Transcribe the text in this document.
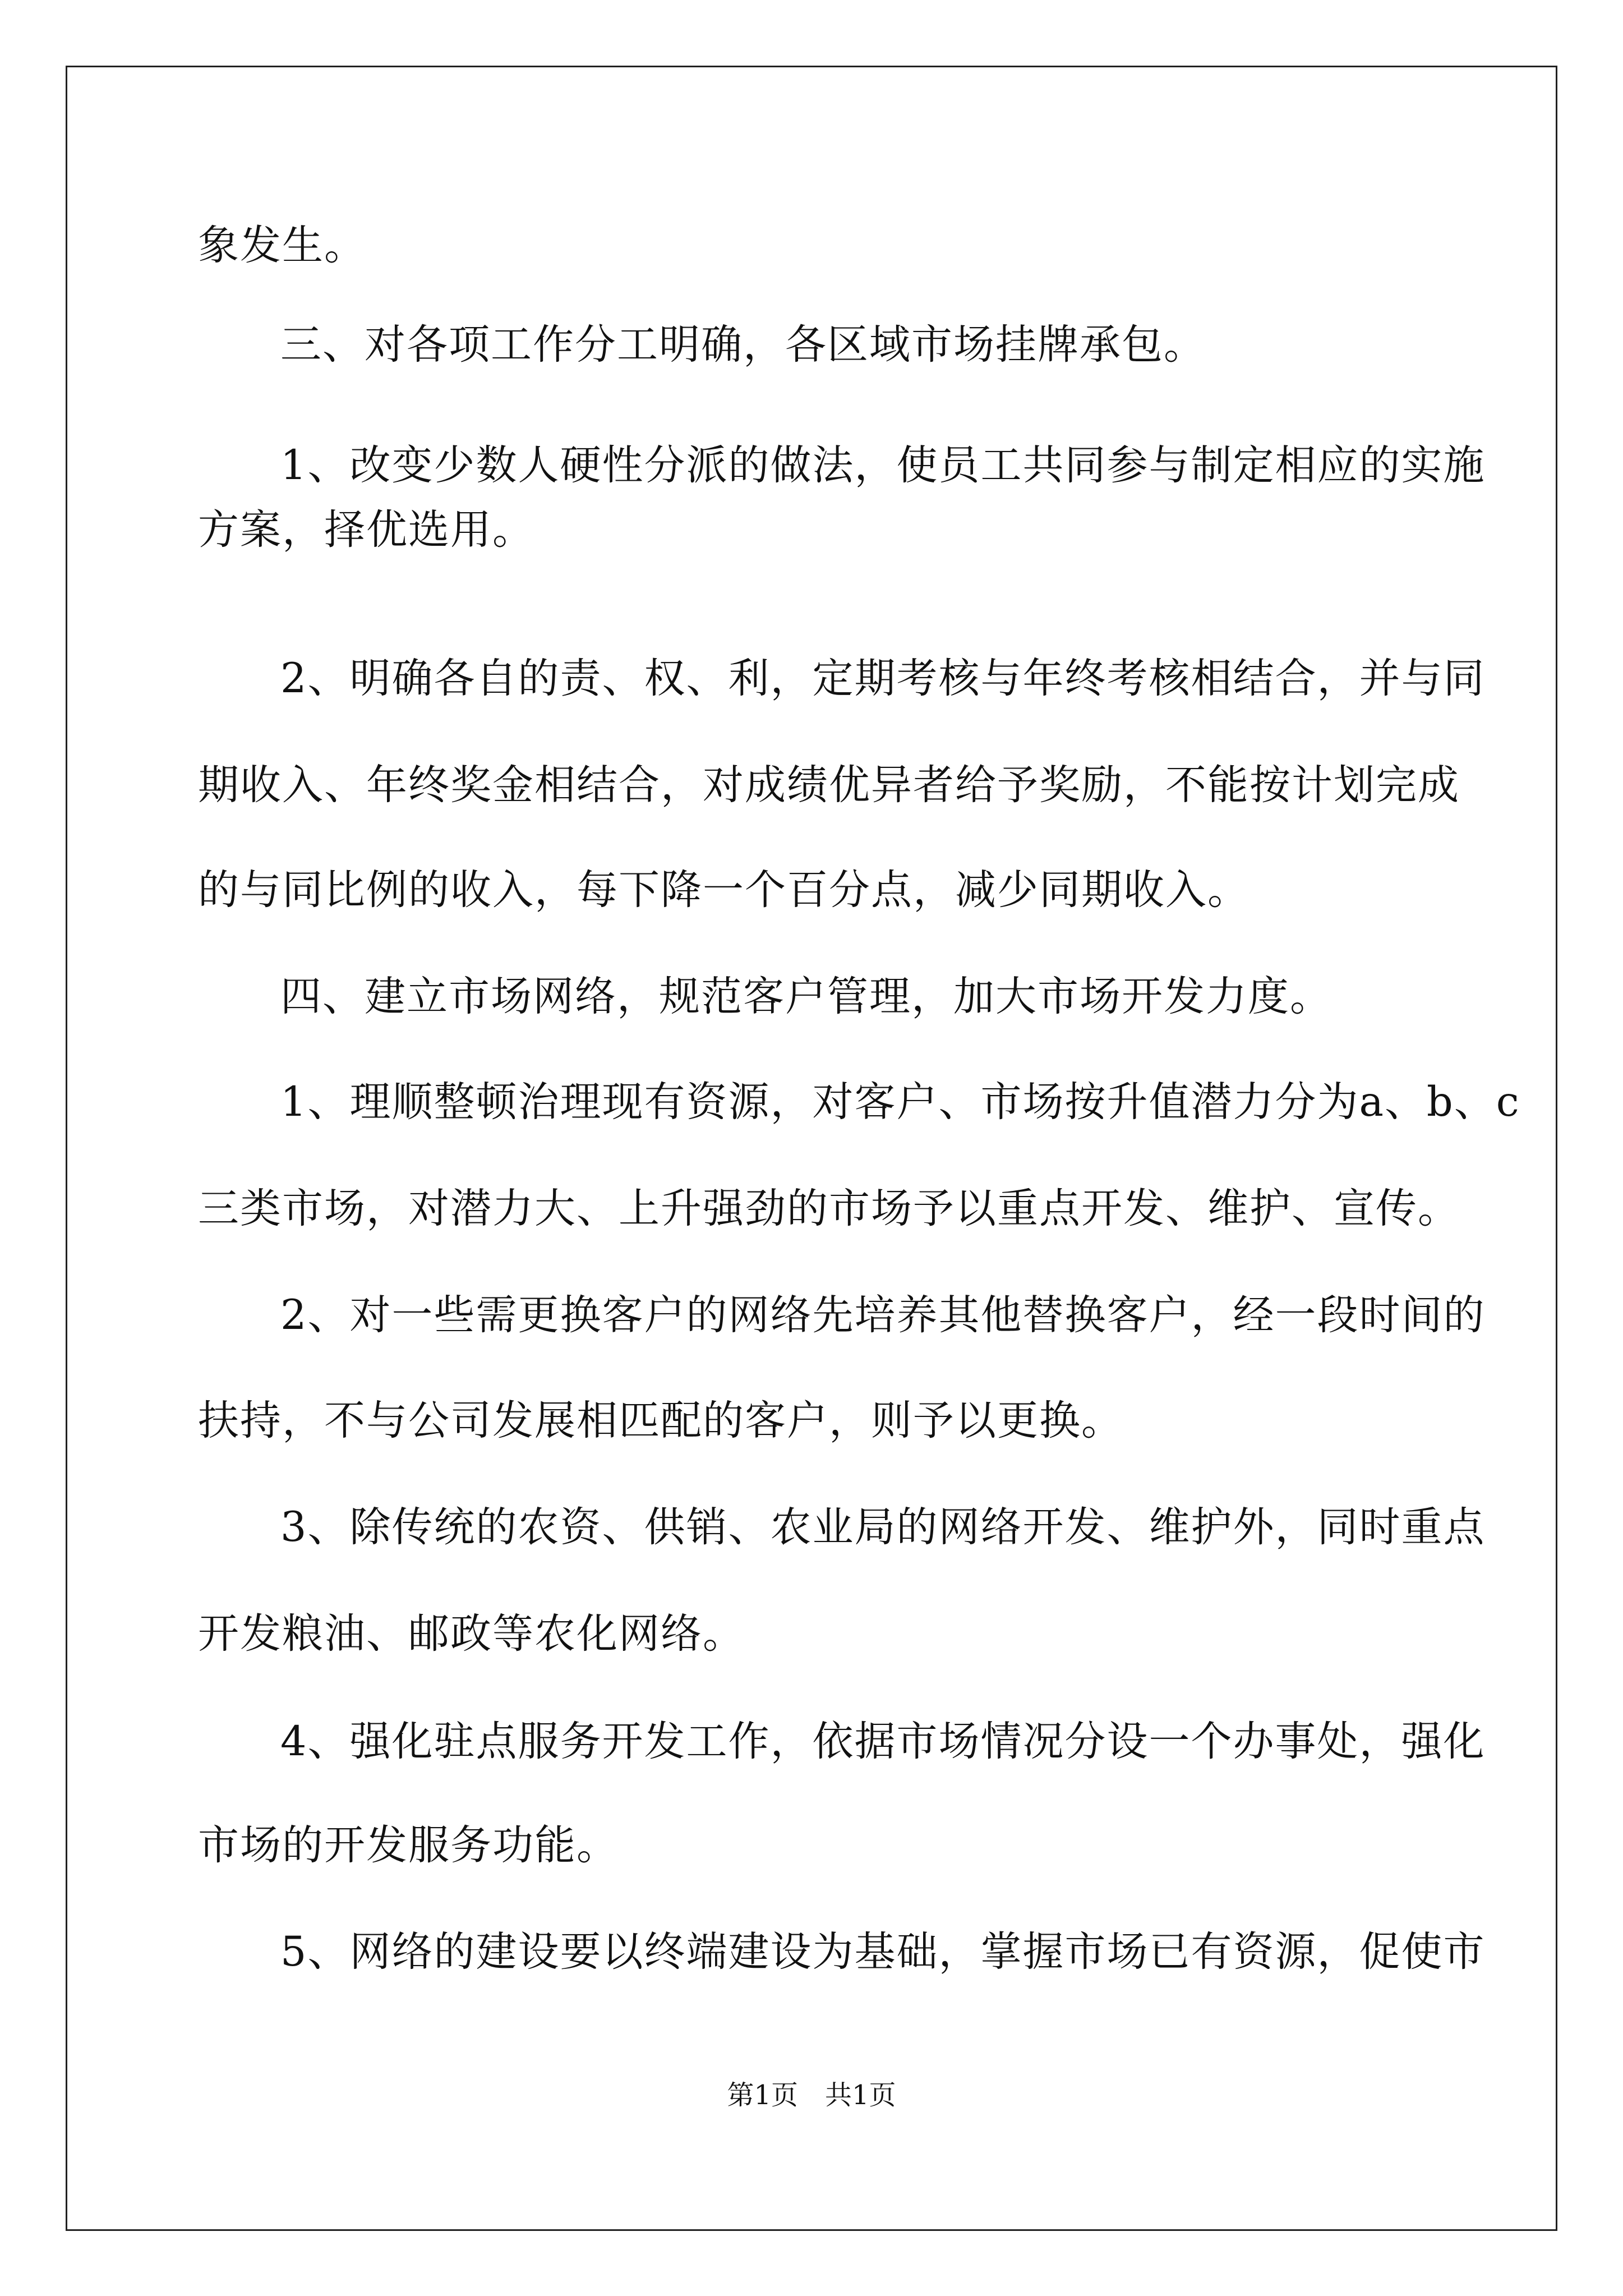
象发生。
三、对各项工作分工明确，各区域市场挂牌承包。
1、改变少数人硬性分派的做法，使员工共同参与制定相应的实施
方案，择优选用。
2、明确各自的责、权、利，定期考核与年终考核相结合，并与同
期收入、年终奖金相结合，对成绩优异者给予奖励，不能按计划完成
的与同比例的收入，每下降一个百分点，减少同期收入。
四、建立市场网络，规范客户管理，加大市场开发力度。
1、理顺整顿治理现有资源，对客户、市场按升值潜力分为a、b、c
三类市场，对潜力大、上升强劲的市场予以重点开发、维护、宣传。
2、对一些需更换客户的网络先培养其他替换客户，经一段时间的
扶持，不与公司发展相匹配的客户，则予以更换。
3、除传统的农资、供销、农业局的网络开发、维护外，同时重点
开发粮油、邮政等农化网络。
4、强化驻点服务开发工作，依据市场情况分设一个办事处，强化
市场的开发服务功能。
5、网络的建设要以终端建设为基础，掌握市场已有资源，促使市
第1页　共1页
